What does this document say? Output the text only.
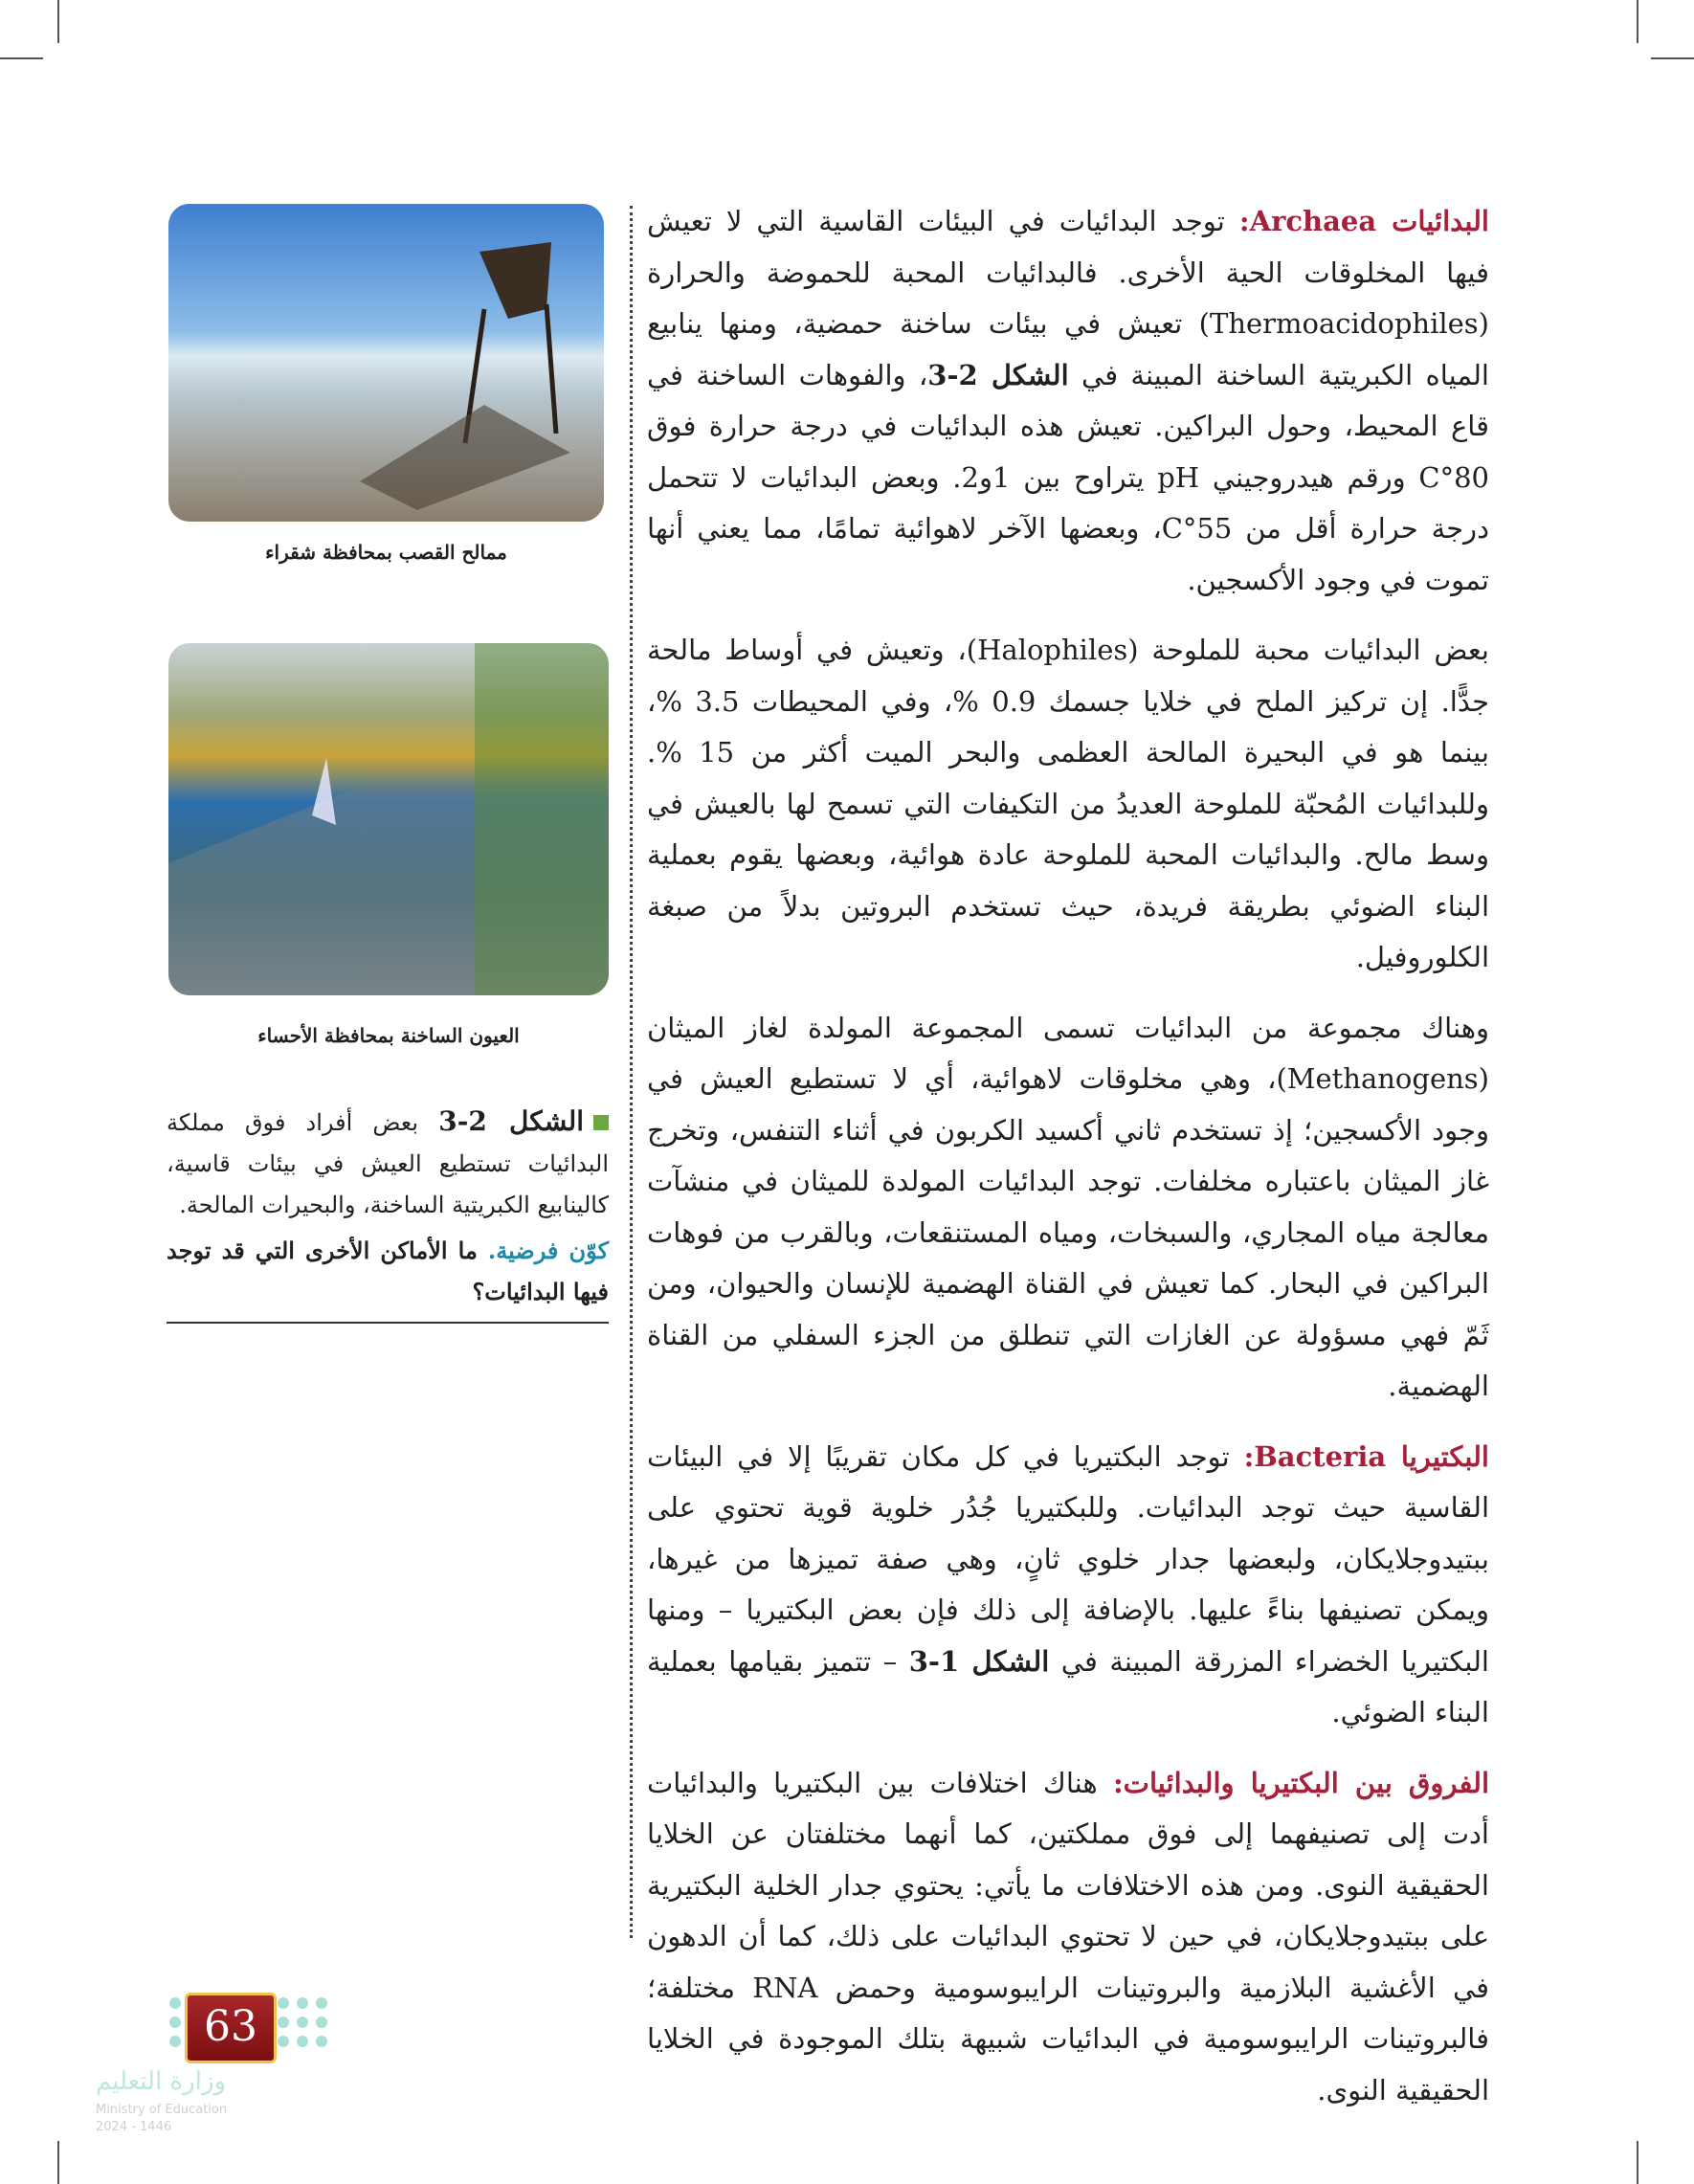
البدائيات Archaea: توجد البدائيات في البيئات القاسية التي لا تعيش فيها المخلوقات الحية الأخرى. فالبدائيات المحبة للحموضة والحرارة (Thermoacidophiles) تعيش في بيئات ساخنة حمضية، ومنها ينابيع المياه الكبريتية الساخنة المبينة في الشكل 2-3، والفوهات الساخنة في قاع المحيط، وحول البراكين. تعيش هذه البدائيات في درجة حرارة فوق 80°C ورقم هيدروجيني pH يتراوح بين 1و2. وبعض البدائيات لا تتحمل درجة حرارة أقل من 55°C، وبعضها الآخر لاهوائية تمامًا، مما يعني أنها تموت في وجود الأكسجين.

بعض البدائيات محبة للملوحة (Halophiles)، وتعيش في أوساط مالحة جدًّا. إن تركيز الملح في خلايا جسمك 0.9 %، وفي المحيطات 3.5 %، بينما هو في البحيرة المالحة العظمى والبحر الميت أكثر من 15 %. وللبدائيات المُحبّة للملوحة العديدُ من التكيفات التي تسمح لها بالعيش في وسط مالح. والبدائيات المحبة للملوحة عادة هوائية، وبعضها يقوم بعملية البناء الضوئي بطريقة فريدة، حيث تستخدم البروتين بدلاً من صبغة الكلوروفيل.

وهناك مجموعة من البدائيات تسمى المجموعة المولدة لغاز الميثان (Methanogens)، وهي مخلوقات لاهوائية، أي لا تستطيع العيش في وجود الأكسجين؛ إذ تستخدم ثاني أكسيد الكربون في أثناء التنفس، وتخرج غاز الميثان باعتباره مخلفات. توجد البدائيات المولدة للميثان في منشآت معالجة مياه المجاري، والسبخات، ومياه المستنقعات، وبالقرب من فوهات البراكين في البحار. كما تعيش في القناة الهضمية للإنسان والحيوان، ومن ثَمّ فهي مسؤولة عن الغازات التي تنطلق من الجزء السفلي من القناة الهضمية.

البكتيريا Bacteria: توجد البكتيريا في كل مكان تقريبًا إلا في البيئات القاسية حيث توجد البدائيات. وللبكتيريا جُدُر خلوية قوية تحتوي على ببتيدوجلايكان، ولبعضها جدار خلوي ثانٍ، وهي صفة تميزها من غيرها، ويمكن تصنيفها بناءً عليها. بالإضافة إلى ذلك فإن بعض البكتيريا – ومنها البكتيريا الخضراء المزرقة المبينة في الشكل 1-3 – تتميز بقيامها بعملية البناء الضوئي.

الفروق بين البكتيريا والبدائيات: هناك اختلافات بين البكتيريا والبدائيات أدت إلى تصنيفهما إلى فوق مملكتين، كما أنهما مختلفتان عن الخلايا الحقيقية النوى. ومن هذه الاختلافات ما يأتي: يحتوي جدار الخلية البكتيرية على ببتيدوجلايكان، في حين لا تحتوي البدائيات على ذلك، كما أن الدهون في الأغشية البلازمية والبروتينات الرايبوسومية وحمض RNA مختلفة؛ فالبروتينات الرايبوسومية في البدائيات شبيهة بتلك الموجودة في الخلايا الحقيقية النوى.

ممالح القصب بمحافظة شقراء
العيون الساخنة بمحافظة الأحساء
الشكل 2-3 بعض أفراد فوق مملكة البدائيات تستطيع العيش في بيئات قاسية، كالينابيع الكبريتية الساخنة، والبحيرات المالحة.
كوّن فرضية. ما الأماكن الأخرى التي قد توجد فيها البدائيات؟
63
وزارة التعليم
Ministry of Education
2024 - 1446
